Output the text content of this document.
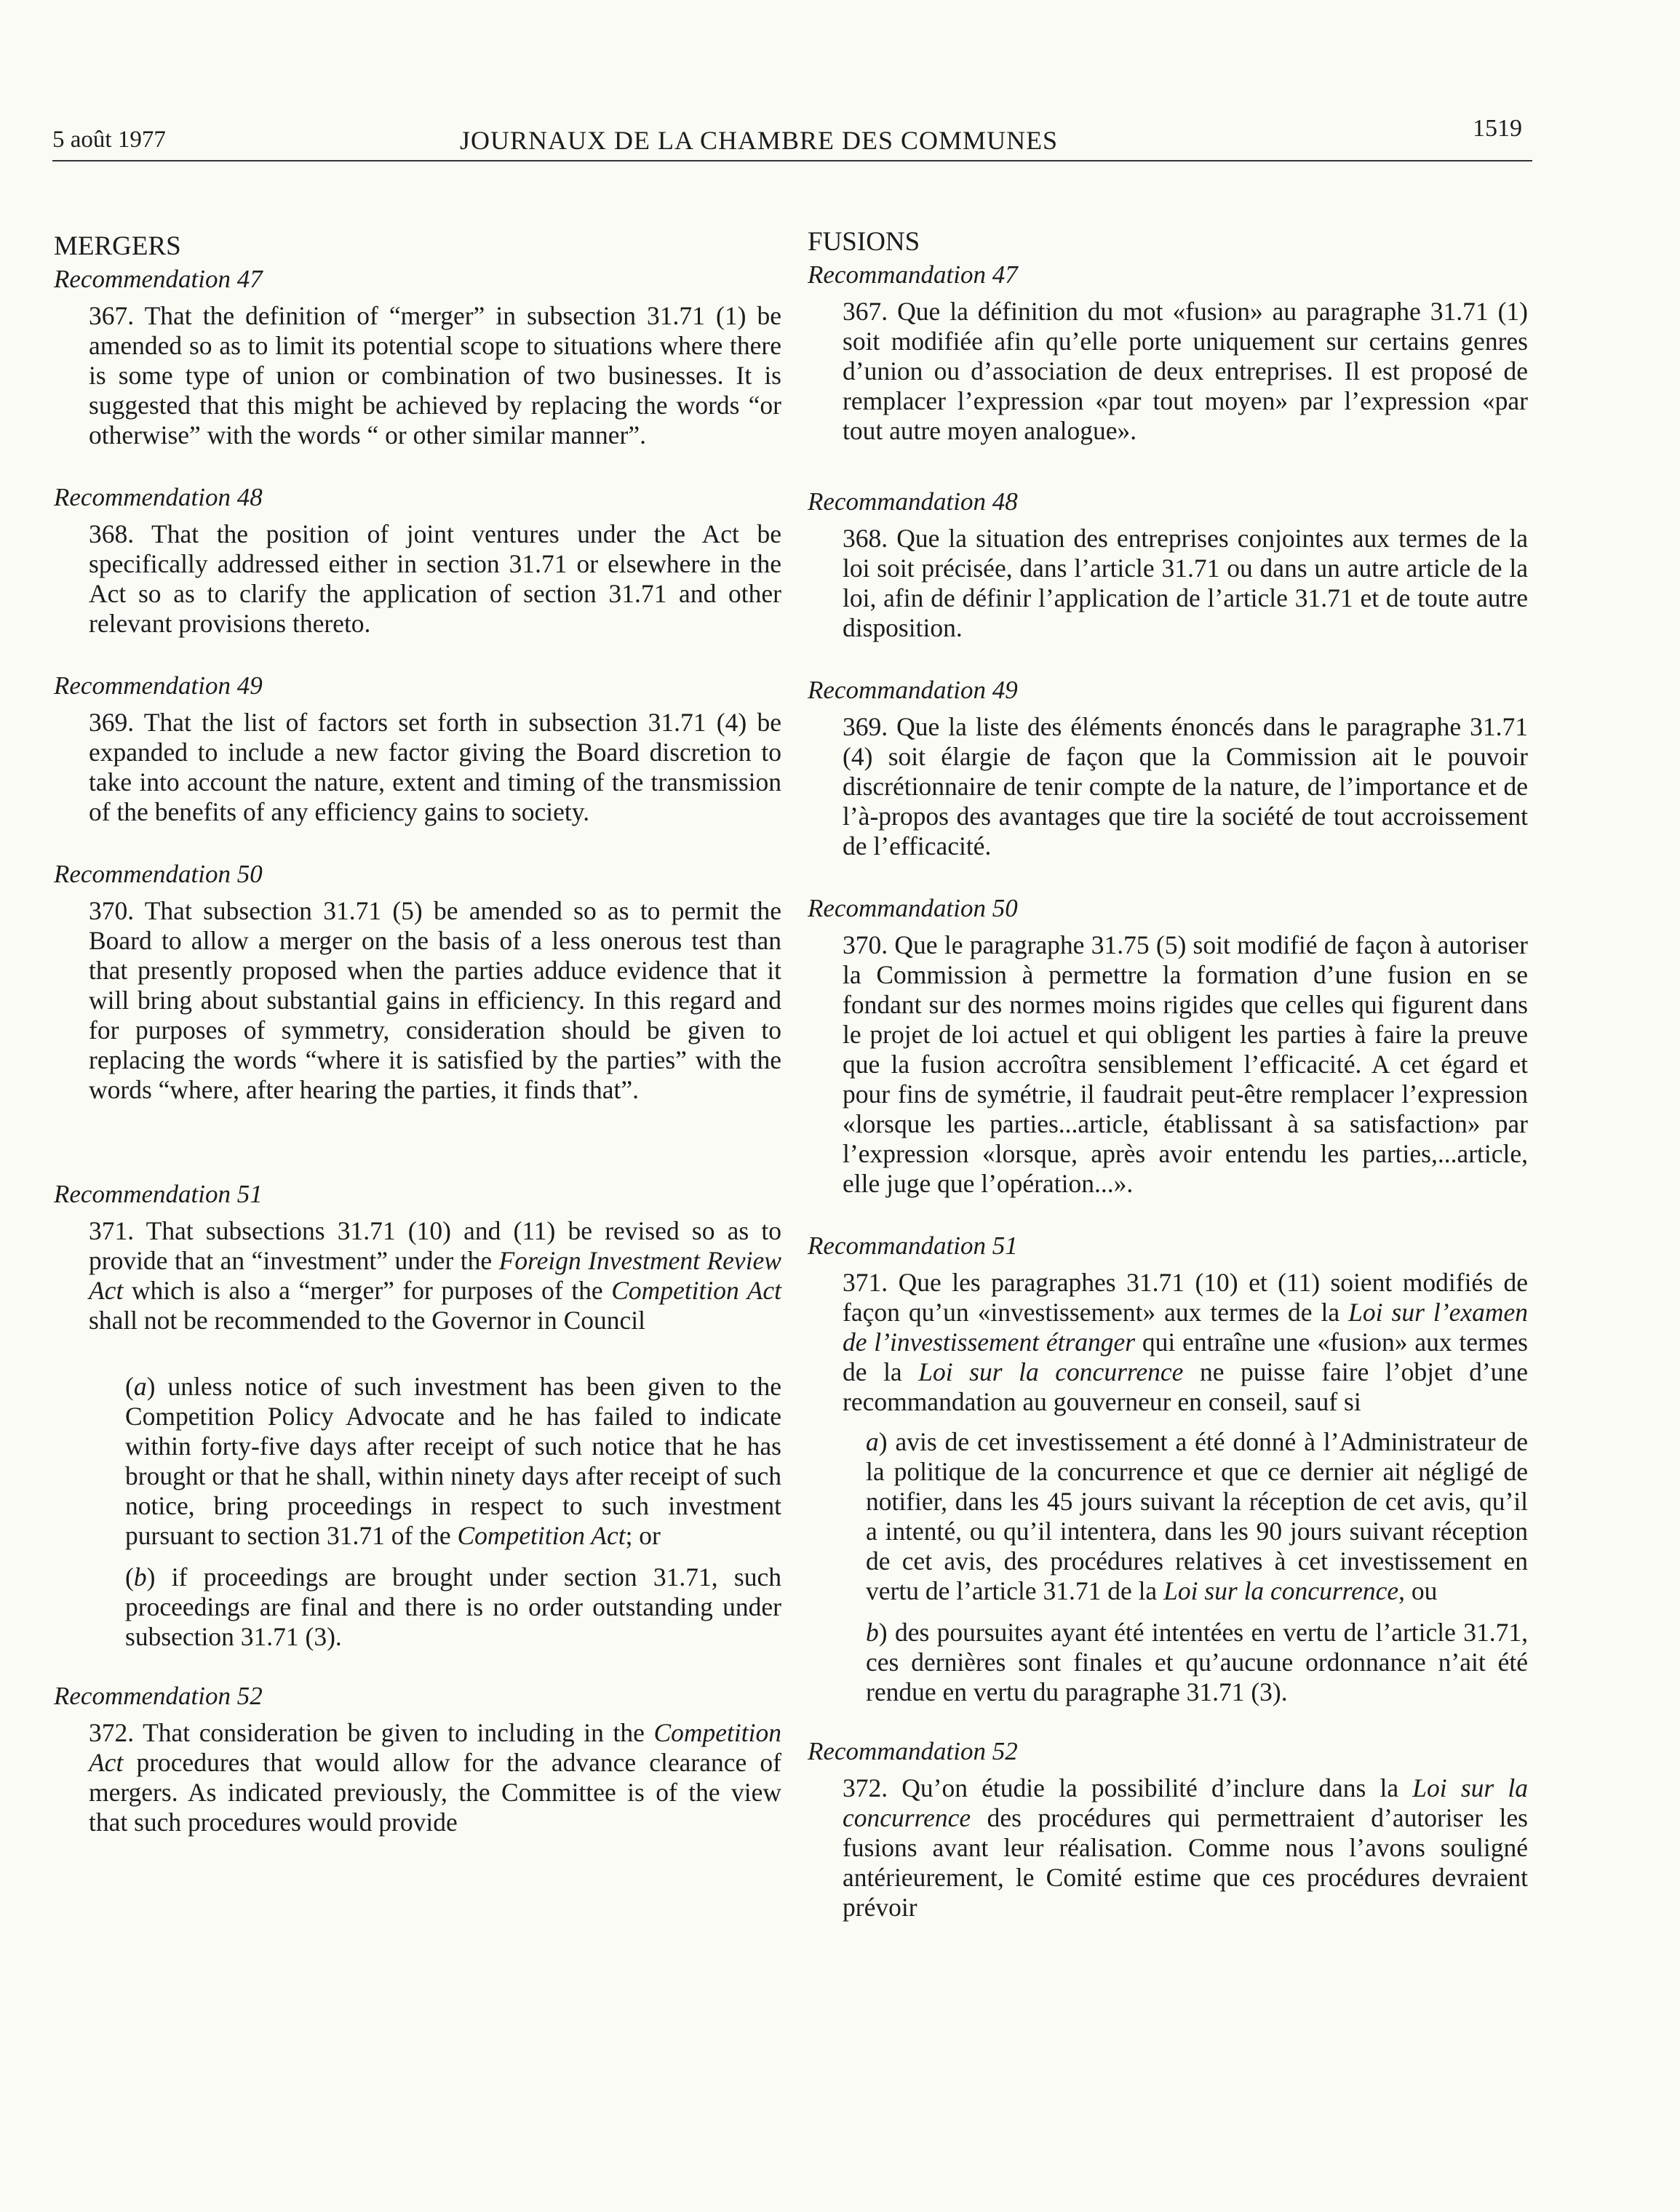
5 août 1977	JOURNAUX DE LA CHAMBRE DES COMMUNES	1519
MERGERS
Recommendation 47

367. That the definition of “merger” in subsection 31.71 (1) be amended so as to limit its potential scope to situations where there is some type of union or combination of two businesses. It is suggested that this might be achieved by replacing the words “or otherwise” with the words “ or other similar manner”.

Recommendation 48

368. That the position of joint ventures under the Act be specifically addressed either in section 31.71 or elsewhere in the Act so as to clarify the application of section 31.71 and other relevant provisions thereto.

Recommendation 49

369. That the list of factors set forth in subsection 31.71 (4) be expanded to include a new factor giving the Board discretion to take into account the nature, extent and timing of the transmission of the benefits of any efficiency gains to society.

Recommendation 50

370. That subsection 31.71 (5) be amended so as to permit the Board to allow a merger on the basis of a less onerous test than that presently proposed when the parties adduce evidence that it will bring about substantial gains in efficiency. In this regard and for purposes of symmetry, consideration should be given to replacing the words “where it is satisfied by the parties” with the words “where, after hearing the parties, it finds that”.

Recommendation 51

371. That subsections 31.71 (10) and (11) be revised so as to provide that an “investment” under the Foreign Investment Review Act which is also a “merger” for purposes of the Competition Act shall not be recommended to the Governor in Council

(a) unless notice of such investment has been given to the Competition Policy Advocate and he has failed to indicate within forty-five days after receipt of such notice that he has brought or that he shall, within ninety days after receipt of such notice, bring proceedings in respect to such investment pursuant to section 31.71 of the Competition Act; or

(b) if proceedings are brought under section 31.71, such proceedings are final and there is no order outstanding under subsection 31.71 (3).

Recommendation 52

372. That consideration be given to including in the Competition Act procedures that would allow for the advance clearance of mergers. As indicated previously, the Committee is of the view that such procedures would provide

FUSIONS
Recommandation 47

367. Que la définition du mot «fusion» au paragraphe 31.71 (1) soit modifiée afin qu’elle porte uniquement sur certains genres d’union ou d’association de deux entreprises. Il est proposé de remplacer l’expression «par tout moyen» par l’expression «par tout autre moyen analogue».

Recommandation 48

368. Que la situation des entreprises conjointes aux termes de la loi soit précisée, dans l’article 31.71 ou dans un autre article de la loi, afin de définir l’application de l’article 31.71 et de toute autre disposition.

Recommandation 49

369. Que la liste des éléments énoncés dans le paragraphe 31.71 (4) soit élargie de façon que la Commission ait le pouvoir discrétionnaire de tenir compte de la nature, de l’importance et de l’à-propos des avantages que tire la société de tout accroissement de l’efficacité.

Recommandation 50

370. Que le paragraphe 31.75 (5) soit modifié de façon à autoriser la Commission à permettre la formation d’une fusion en se fondant sur des normes moins rigides que celles qui figurent dans le projet de loi actuel et qui obligent les parties à faire la preuve que la fusion accroîtra sensiblement l’efficacité. A cet égard et pour fins de symétrie, il faudrait peut-être remplacer l’expression «lorsque les parties...article, établissant à sa satisfaction» par l’expression «lorsque, après avoir entendu les parties,...article, elle juge que l’opération...».

Recommandation 51

371. Que les paragraphes 31.71 (10) et (11) soient modifiés de façon qu’un «investissement» aux termes de la Loi sur l’examen de l’investissement étranger qui entraîne une «fusion» aux termes de la Loi sur la concurrence ne puisse faire l’objet d’une recommandation au gouverneur en conseil, sauf si

a) avis de cet investissement a été donné à l’Administrateur de la politique de la concurrence et que ce dernier ait négligé de notifier, dans les 45 jours suivant la réception de cet avis, qu’il a intenté, ou qu’il intentera, dans les 90 jours suivant réception de cet avis, des procédures relatives à cet investissement en vertu de l’article 31.71 de la Loi sur la concurrence, ou

b) des poursuites ayant été intentées en vertu de l’article 31.71, ces dernières sont finales et qu’aucune ordonnance n’ait été rendue en vertu du paragraphe 31.71 (3).

Recommandation 52

372. Qu’on étudie la possibilité d’inclure dans la Loi sur la concurrence des procédures qui permettraient d’autoriser les fusions avant leur réalisation. Comme nous l’avons souligné antérieurement, le Comité estime que ces procédures devraient prévoir
